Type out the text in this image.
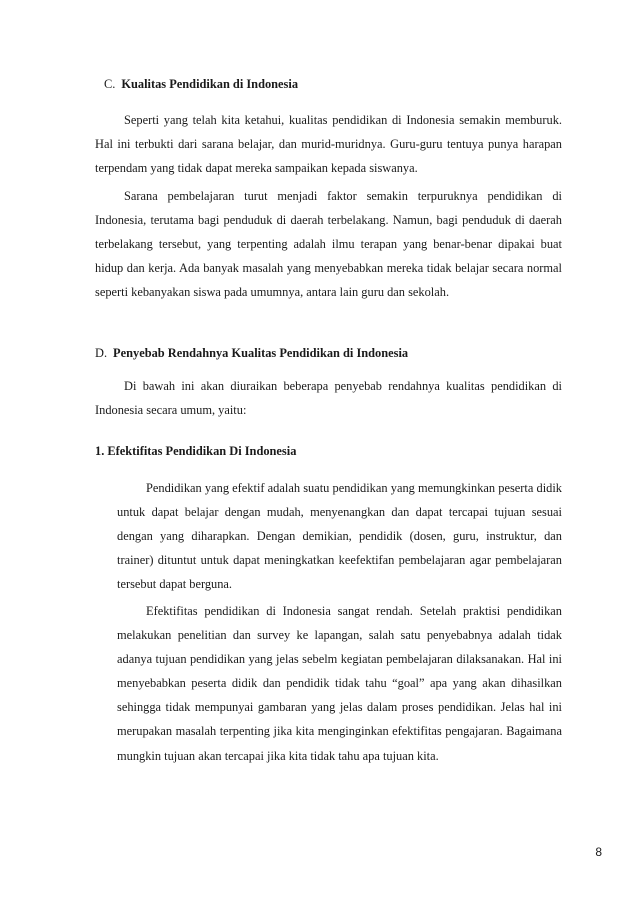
C. Kualitas Pendidikan di Indonesia

Seperti yang telah kita ketahui, kualitas pendidikan di Indonesia semakin memburuk. Hal ini terbukti dari sarana belajar, dan murid-muridnya. Guru-guru tentuya punya harapan terpendam yang tidak dapat mereka sampaikan kepada siswanya.

Sarana pembelajaran turut menjadi faktor semakin terpuruknya pendidikan di Indonesia, terutama bagi penduduk di daerah terbelakang. Namun, bagi penduduk di daerah terbelakang tersebut, yang terpenting adalah ilmu terapan yang benar-benar dipakai buat hidup dan kerja. Ada banyak masalah yang menyebabkan mereka tidak belajar secara normal seperti kebanyakan siswa pada umumnya, antara lain guru dan sekolah.

D. Penyebab Rendahnya Kualitas Pendidikan di Indonesia

Di bawah ini akan diuraikan beberapa penyebab rendahnya kualitas pendidikan di Indonesia secara umum, yaitu:

1. Efektifitas Pendidikan Di Indonesia

Pendidikan yang efektif adalah suatu pendidikan yang memungkinkan peserta didik untuk dapat belajar dengan mudah, menyenangkan dan dapat tercapai tujuan sesuai dengan yang diharapkan. Dengan demikian, pendidik (dosen, guru, instruktur, dan trainer) dituntut untuk dapat meningkatkan keefektifan pembelajaran agar pembelajaran tersebut dapat berguna.

Efektifitas pendidikan di Indonesia sangat rendah. Setelah praktisi pendidikan melakukan penelitian dan survey ke lapangan, salah satu penyebabnya adalah tidak adanya tujuan pendidikan yang jelas sebelm kegiatan pembelajaran dilaksanakan. Hal ini menyebabkan peserta didik dan pendidik tidak tahu “goal” apa yang akan dihasilkan sehingga tidak mempunyai gambaran yang jelas dalam proses pendidikan. Jelas hal ini merupakan masalah terpenting jika kita menginginkan efektifitas pengajaran. Bagaimana mungkin tujuan akan tercapai jika kita tidak tahu apa tujuan kita.

8
